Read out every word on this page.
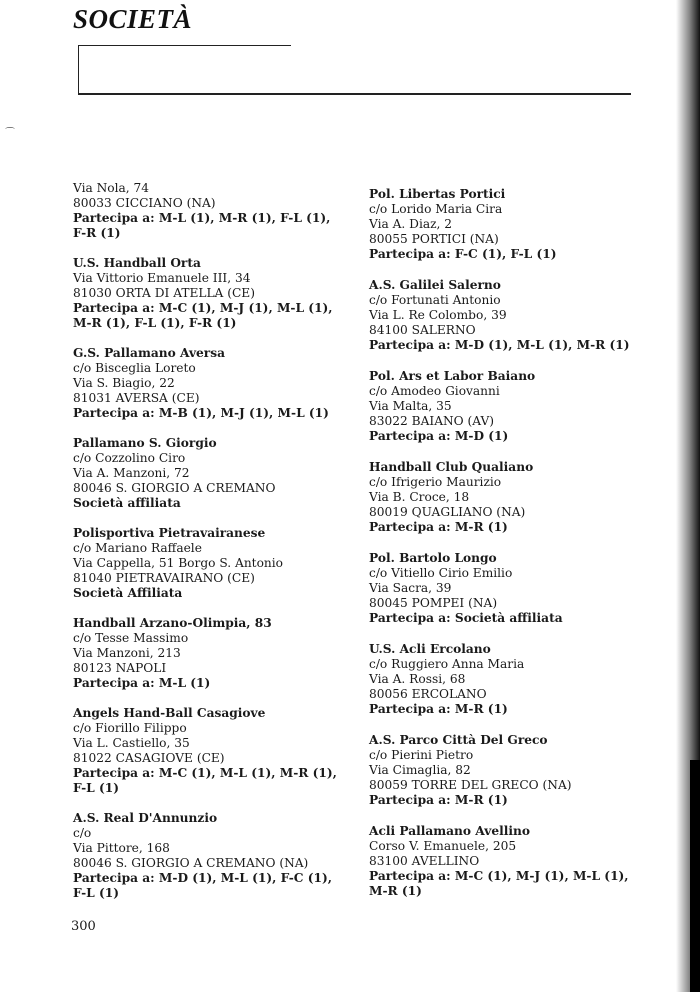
SOCIETÀ
⌒
Via Nola, 74
80033 CICCIANO (NA)
Partecipa a: M-L (1), M-R (1), F-L (1), F-R (1)
U.S. Handball Orta
Via Vittorio Emanuele III, 34
81030 ORTA DI ATELLA (CE)
Partecipa a: M-C (1), M-J (1), M-L (1), M-R (1), F-L (1), F-R (1)
G.S. Pallamano Aversa
c/o Bisceglia Loreto
Via S. Biagio, 22
81031 AVERSA (CE)
Partecipa a: M-B (1), M-J (1), M-L (1)
Pallamano S. Giorgio
c/o Cozzolino Ciro
Via A. Manzoni, 72
80046 S. GIORGIO A CREMANO
Società affiliata
Polisportiva Pietravairanese
c/o Mariano Raffaele
Via Cappella, 51 Borgo S. Antonio
81040 PIETRAVAIRANO (CE)
Società Affiliata
Handball Arzano-Olimpia, 83
c/o Tesse Massimo
Via Manzoni, 213
80123 NAPOLI
Partecipa a: M-L (1)
Angels Hand-Ball Casagiove
c/o Fiorillo Filippo
Via L. Castiello, 35
81022 CASAGIOVE (CE)
Partecipa a: M-C (1), M-L (1), M-R (1), F-L (1)
A.S. Real D'Annunzio
c/o
Via Pittore, 168
80046 S. GIORGIO A CREMANO (NA)
Partecipa a: M-D (1), M-L (1), F-C (1), F-L (1)
Pol. Libertas Portici
c/o Lorido Maria Cira
Via A. Diaz, 2
80055 PORTICI (NA)
Partecipa a: F-C (1), F-L (1)
A.S. Galilei Salerno
c/o Fortunati Antonio
Via L. Re Colombo, 39
84100 SALERNO
Partecipa a: M-D (1), M-L (1), M-R (1)
Pol. Ars et Labor Baiano
c/o Amodeo Giovanni
Via Malta, 35
83022 BAIANO (AV)
Partecipa a: M-D (1)
Handball Club Qualiano
c/o Ifrigerio Maurizio
Via B. Croce, 18
80019 QUAGLIANO (NA)
Partecipa a: M-R (1)
Pol. Bartolo Longo
c/o Vitiello Cirio Emilio
Via Sacra, 39
80045 POMPEI (NA)
Partecipa a: Società affiliata
U.S. Acli Ercolano
c/o Ruggiero Anna Maria
Via A. Rossi, 68
80056 ERCOLANO
Partecipa a: M-R (1)
A.S. Parco Città Del Greco
c/o Pierini Pietro
Via Cimaglia, 82
80059 TORRE DEL GRECO (NA)
Partecipa a: M-R (1)
Acli Pallamano Avellino
Corso V. Emanuele, 205
83100 AVELLINO
Partecipa a: M-C (1), M-J (1), M-L (1), M-R (1)
300
